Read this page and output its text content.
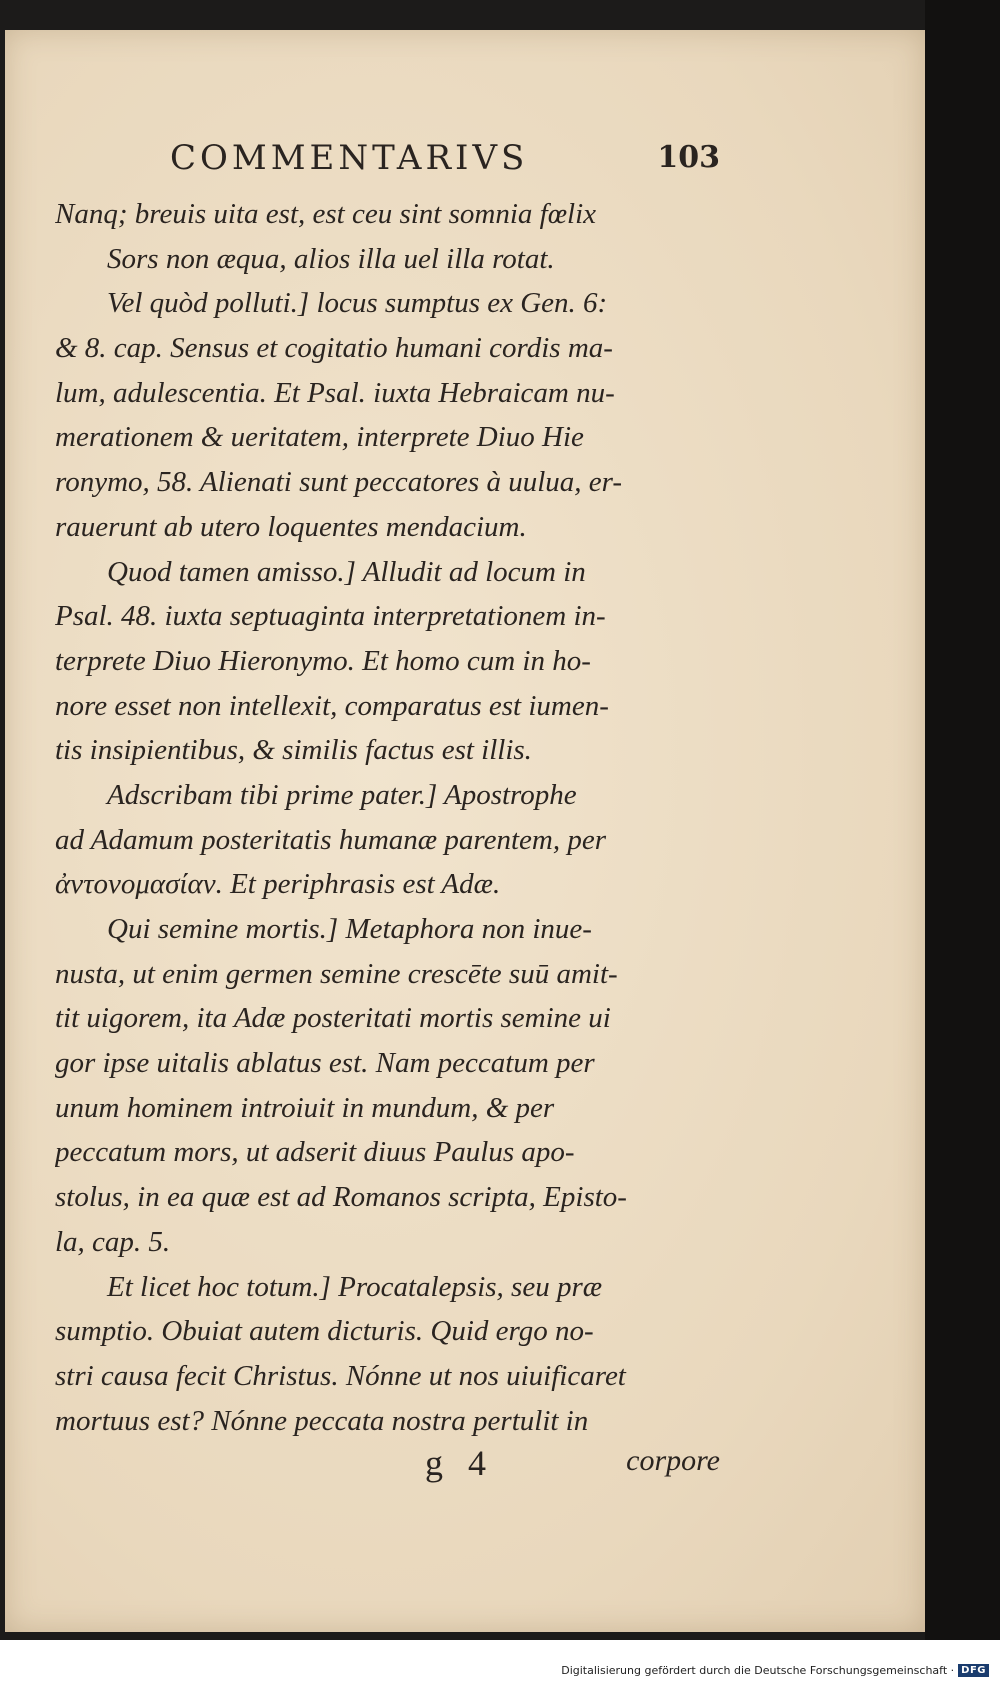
COMMENTARIVS	103
Nanq; breuis uita est, est ceu sint somnia fœlix
Sors non æqua, alios illa uel illa rotat.
Vel quòd polluti.] locus sumptus ex Gen. 6:
& 8. cap. Sensus et cogitatio humani cordis ma-
lum, adulescentia. Et Psal. iuxta Hebraicam nu-
merationem & ueritatem, interprete Diuo Hie
ronymo, 58. Alienati sunt peccatores à uulua, er-
rauerunt ab utero loquentes mendacium.
Quod tamen amisso.] Alludit ad locum in
Psal. 48. iuxta septuaginta interpretationem in-
terprete Diuo Hieronymo. Et homo cum in ho-
nore esset non intellexit, comparatus est iumen-
tis insipientibus, & similis factus est illis.
Adscribam tibi prime pater.] Apostrophe
ad Adamum posteritatis humanæ parentem, per
ἀντονομασίαν. Et periphrasis est Adæ.
Qui semine mortis.] Metaphora non inue-
nusta, ut enim germen semine crescēte suū amit-
tit uigorem, ita Adæ posteritati mortis semine ui
gor ipse uitalis ablatus est. Nam peccatum per
unum hominem introiuit in mundum, & per
peccatum mors, ut adserit diuus Paulus apo-
stolus, in ea quæ est ad Romanos scripta, Episto-
la, cap. 5.
Et licet hoc totum.] Procatalepsis, seu præ
sumptio. Obuiat autem dicturis. Quid ergo no-
stri causa fecit Christus. Nónne ut nos uiuificaret
mortuus est? Nónne peccata nostra pertulit in
g 4	corpore
Digitalisierung gefördert durch die Deutsche Forschungsgemeinschaft · DFG
